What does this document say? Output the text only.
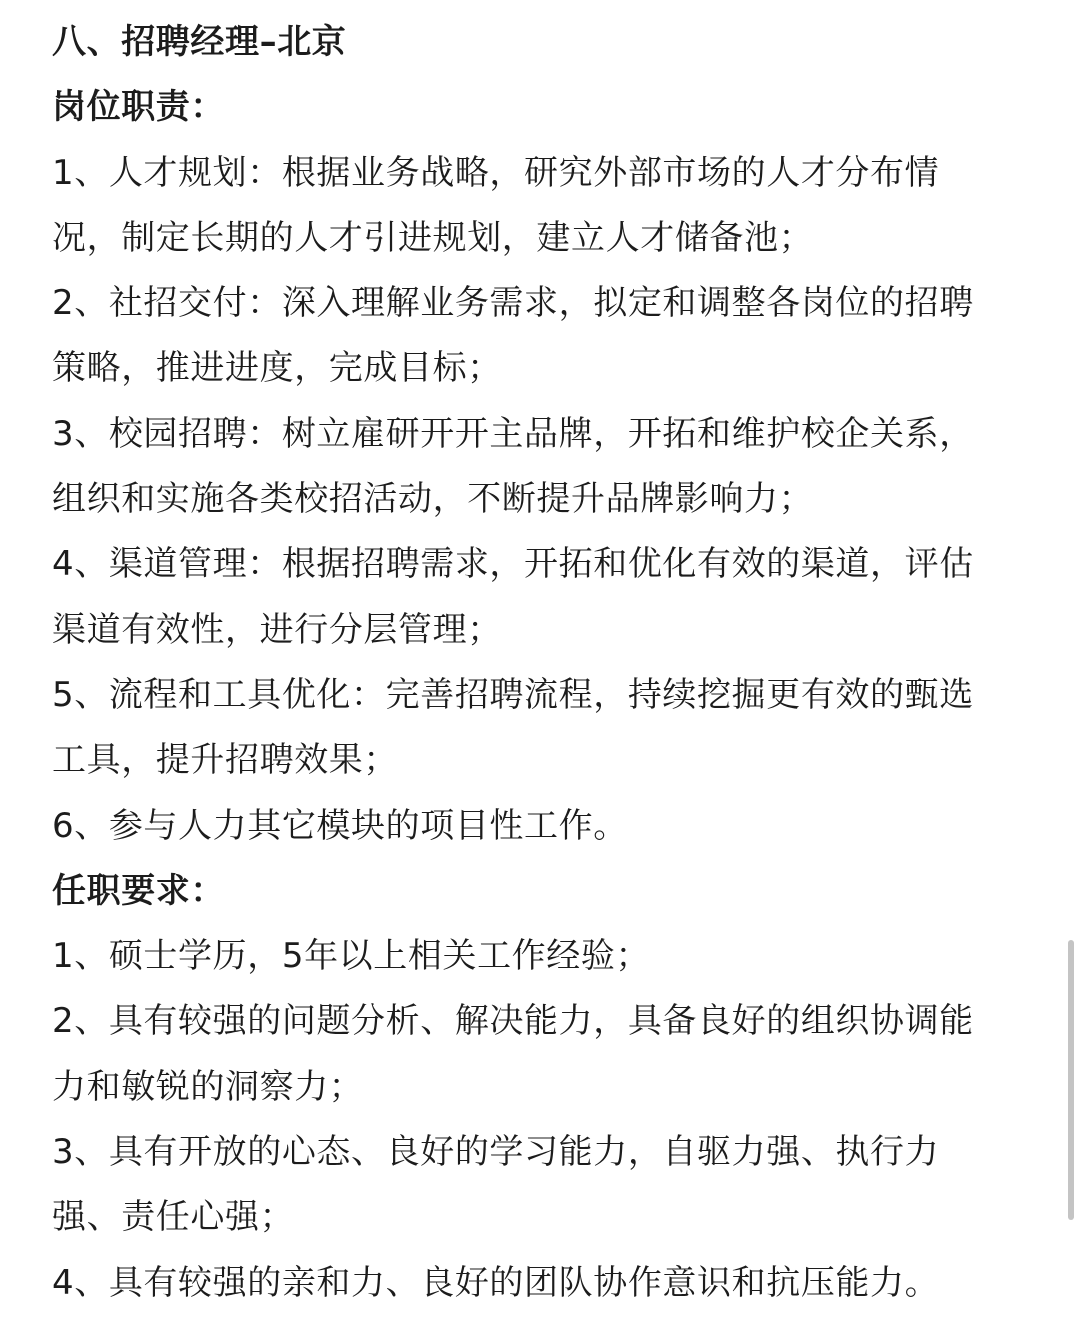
八、招聘经理–北京
岗位职责：
1、人才规划：根据业务战略，研究外部市场的人才分布情
况，制定长期的人才引进规划，建立人才储备池；
2、社招交付：深入理解业务需求，拟定和调整各岗位的招聘
策略，推进进度，完成目标；
3、校园招聘：树立雇研开开主品牌，开拓和维护校企关系，
组织和实施各类校招活动，不断提升品牌影响力；
4、渠道管理：根据招聘需求，开拓和优化有效的渠道，评估
渠道有效性，进行分层管理；
5、流程和工具优化：完善招聘流程，持续挖掘更有效的甄选
工具，提升招聘效果；
6、参与人力其它模块的项目性工作。
任职要求：
1、硕士学历，5年以上相关工作经验；
2、具有较强的问题分析、解决能力，具备良好的组织协调能
力和敏锐的洞察力；
3、具有开放的心态、良好的学习能力，自驱力强、执行力
强、责任心强；
4、具有较强的亲和力、良好的团队协作意识和抗压能力。
